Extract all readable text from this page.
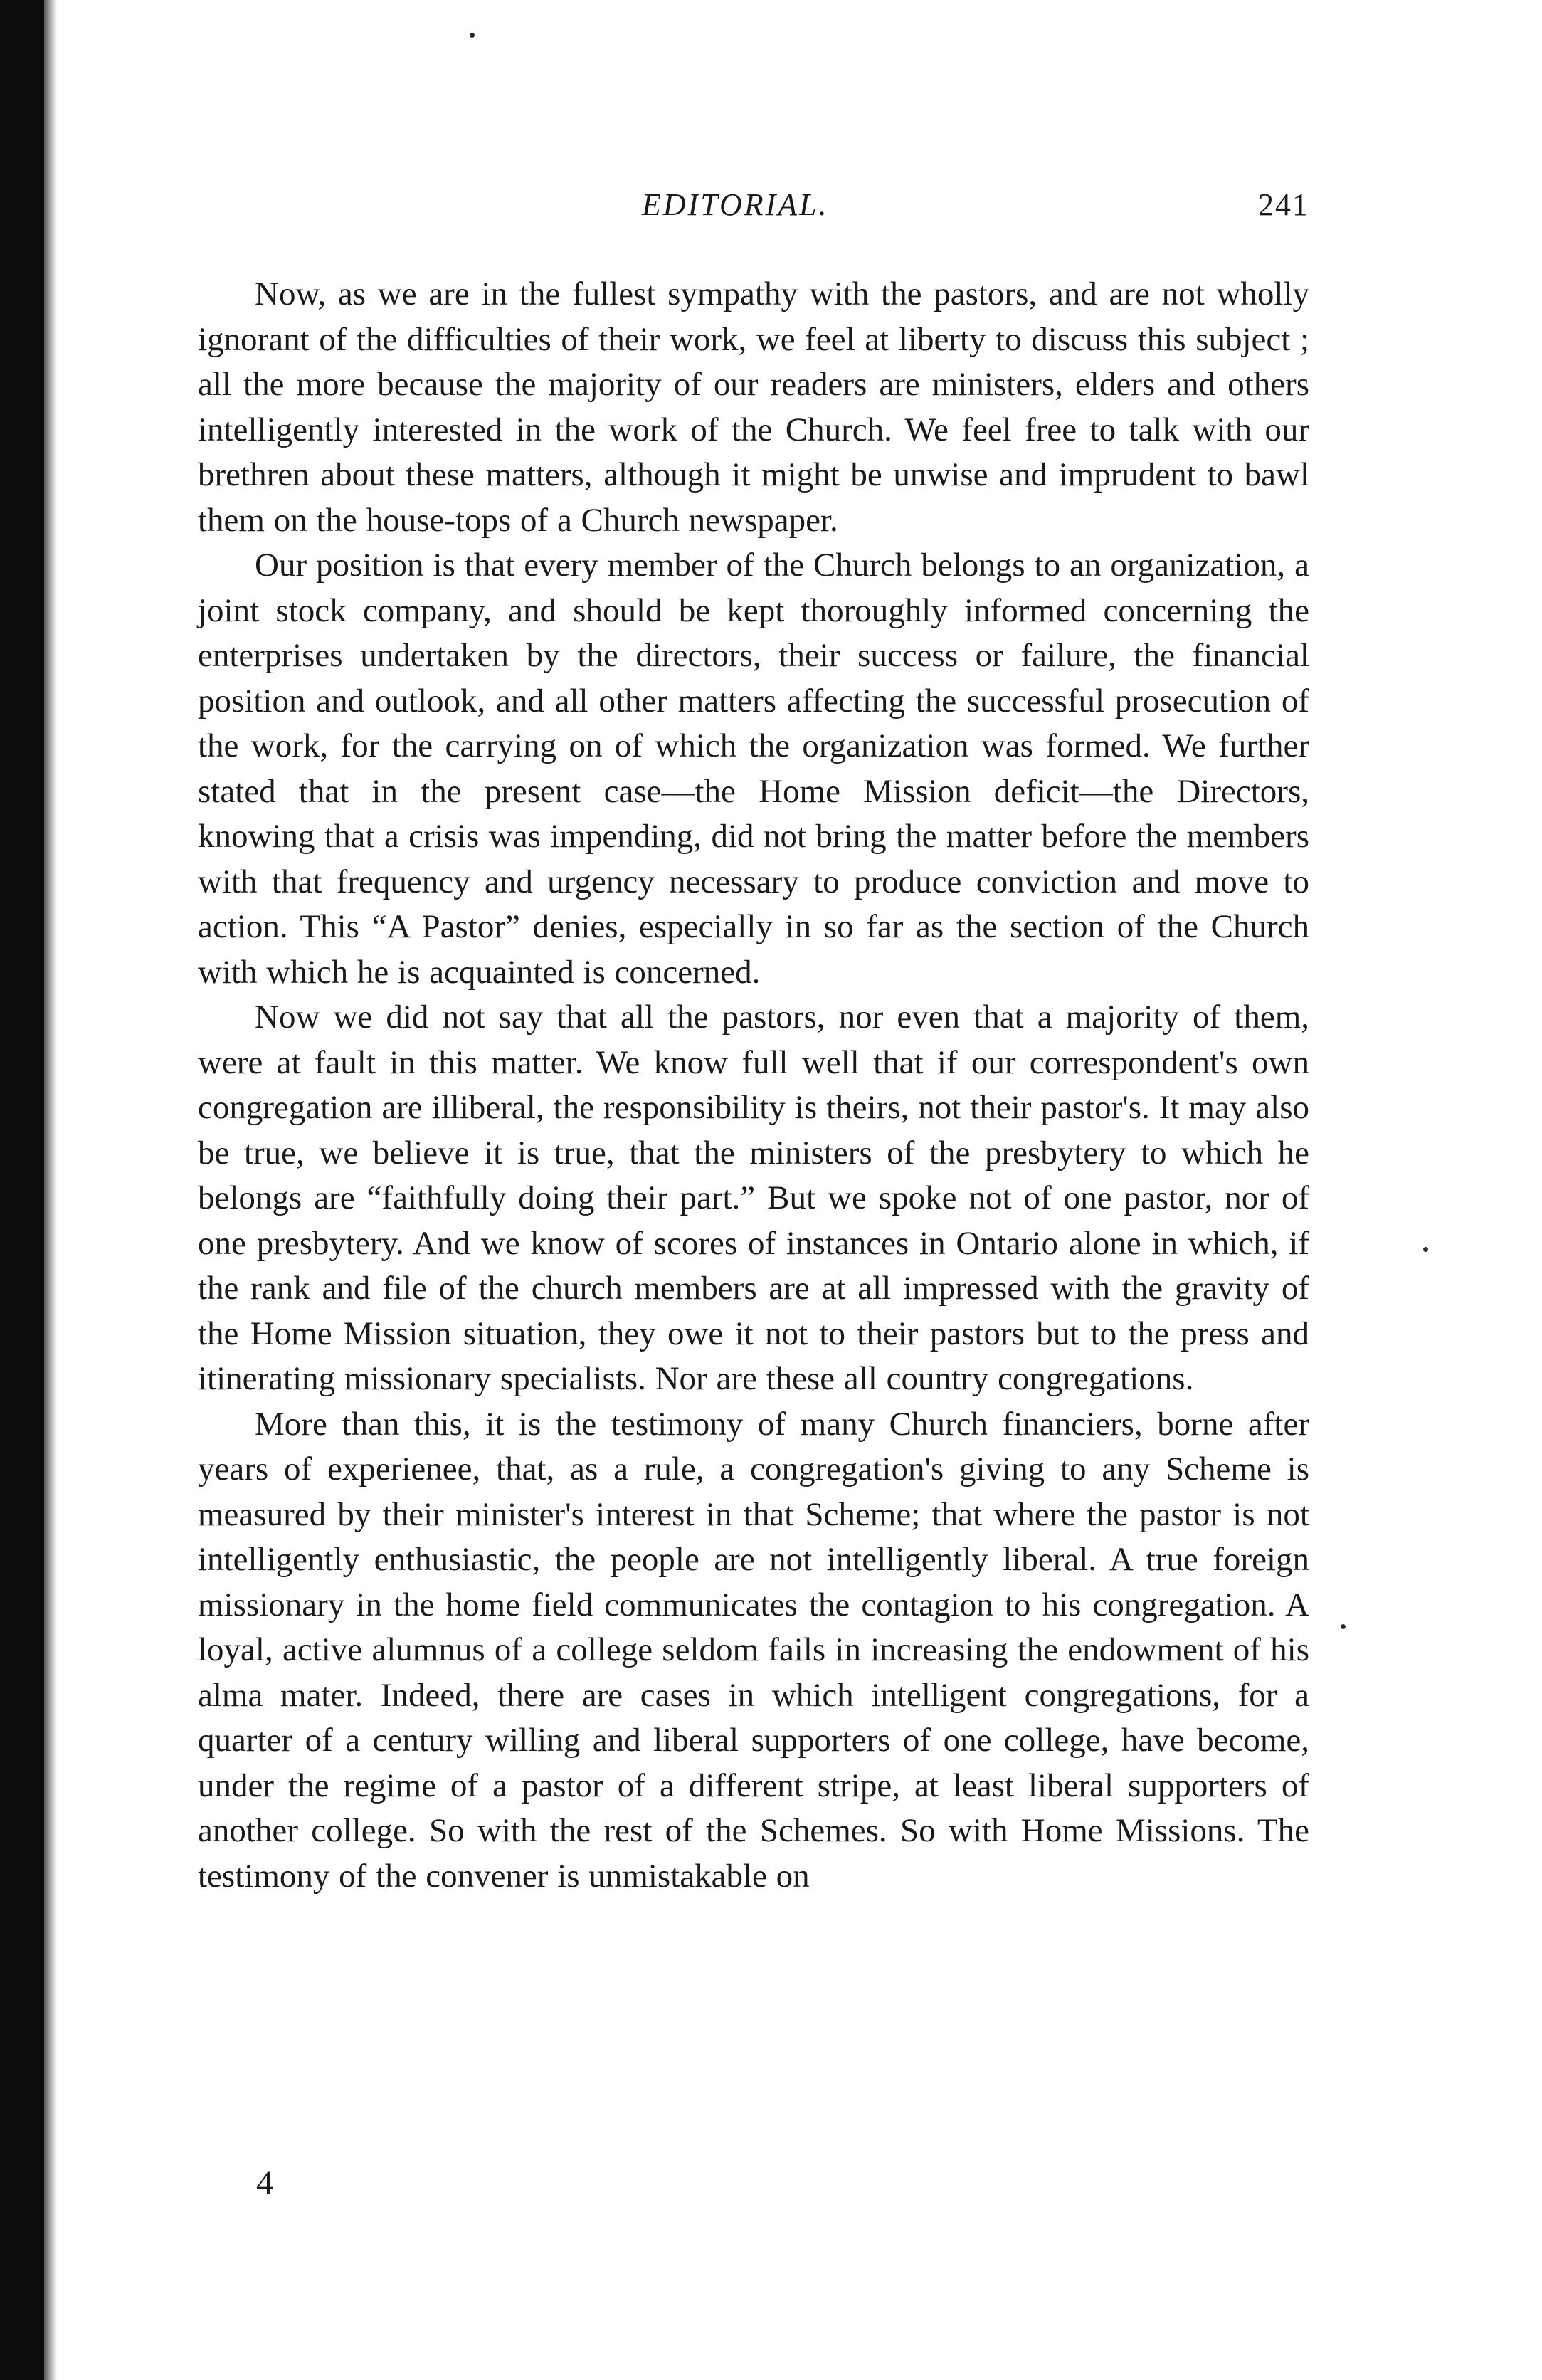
EDITORIAL.	241

Now, as we are in the fullest sympathy with the pastors, and are not wholly ignorant of the difficulties of their work, we feel at liberty to discuss this subject ; all the more because the majority of our readers are ministers, elders and others intelligently interested in the work of the Church. We feel free to talk with our brethren about these matters, although it might be unwise and imprudent to bawl them on the house-tops of a Church newspaper.

Our position is that every member of the Church belongs to an organization, a joint stock company, and should be kept thoroughly informed concerning the enterprises undertaken by the directors, their success or failure, the financial position and outlook, and all other matters affecting the successful prosecution of the work, for the carrying on of which the organization was formed. We further stated that in the present case—the Home Mission deficit—the Directors, knowing that a crisis was impending, did not bring the matter before the members with that frequency and urgency necessary to produce conviction and move to action. This “A Pastor” denies, especially in so far as the section of the Church with which he is acquainted is concerned.

Now we did not say that all the pastors, nor even that a majority of them, were at fault in this matter. We know full well that if our correspondent's own congregation are illiberal, the responsibility is theirs, not their pastor's. It may also be true, we believe it is true, that the ministers of the presbytery to which he belongs are “faithfully doing their part.” But we spoke not of one pastor, nor of one presbytery. And we know of scores of instances in Ontario alone in which, if the rank and file of the church members are at all impressed with the gravity of the Home Mission situation, they owe it not to their pastors but to the press and itinerating missionary specialists. Nor are these all country congregations.

More than this, it is the testimony of many Church financiers, borne after years of experienee, that, as a rule, a congregation's giving to any Scheme is measured by their minister's interest in that Scheme; that where the pastor is not intelligently enthusiastic, the people are not intelligently liberal. A true foreign missionary in the home field communicates the contagion to his congregation. A loyal, active alumnus of a college seldom fails in increasing the endowment of his alma mater. Indeed, there are cases in which intelligent congregations, for a quarter of a century willing and liberal supporters of one college, have become, under the regime of a pastor of a different stripe, at least liberal supporters of another college. So with the rest of the Schemes. So with Home Missions. The testimony of the convener is unmistakable on

4
